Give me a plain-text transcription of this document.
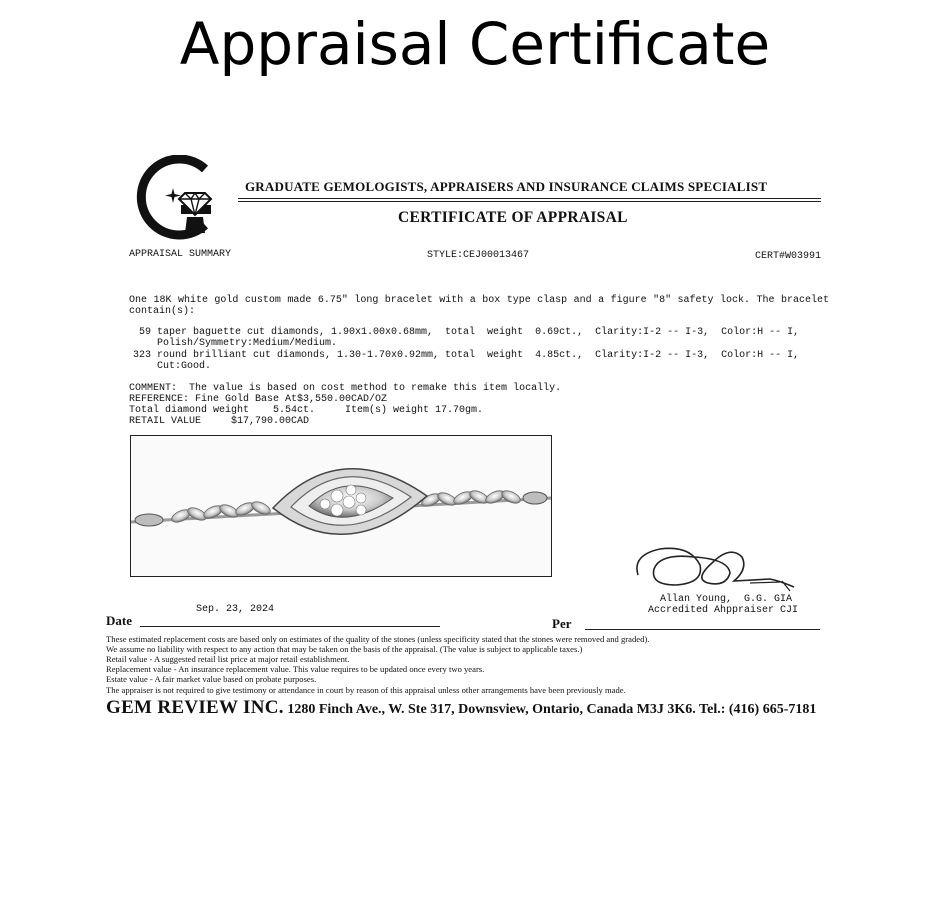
Appraisal Certificate
GRADUATE GEMOLOGISTS, APPRAISERS AND INSURANCE CLAIMS SPECIALIST
CERTIFICATE OF APPRAISAL
APPRAISAL SUMMARY	STYLE:CEJ00013467	CERT#W03991
One 18K white gold custom made 6.75" long bracelet with a box type clasp and a figure "8" safety lock. The bracelet contain(s):
59 taper baguette cut diamonds, 1.90x1.00x0.68mm,  total  weight  0.69ct.,  Clarity:I-2 -- I-3,  Color:H -- I,
Polish/Symmetry:Medium/Medium.
323 round brilliant cut diamonds, 1.30-1.70x0.92mm, total  weight  4.85ct.,  Clarity:I-2 -- I-3,  Color:H -- I,
Cut:Good.
COMMENT:  The value is based on cost method to remake this item locally.
REFERENCE: Fine Gold Base At$3,550.00CAD/OZ
Total diamond weight    5.54ct.     Item(s) weight 17.70gm.
RETAIL VALUE     $17,790.00CAD
Sep. 23, 2024
Allan Young,  G.G. GIA
Accredited Ahppraiser CJI
Date	Per
These estimated replacement costs are based only on estimates of the quality of the stones (unless specificity stated that the stones were removed and graded).
We assume no liability with respect to any action that may be taken on the basis of the appraisal. (The value is subject to applicable taxes.)
Retail value - A suggested retail list price at major retail establishment.
Replacement value - An insurance replacement value. This value requires to be updated once every two years.
Estate value - A fair market value based on probate purposes.
The appraiser is not required to give testimony or attendance in court by reason of this appraisal unless other arrangements have been previously made.
GEM REVIEW INC. 1280 Finch Ave., W. Ste 317, Downsview, Ontario, Canada M3J 3K6. Tel.: (416) 665-7181
